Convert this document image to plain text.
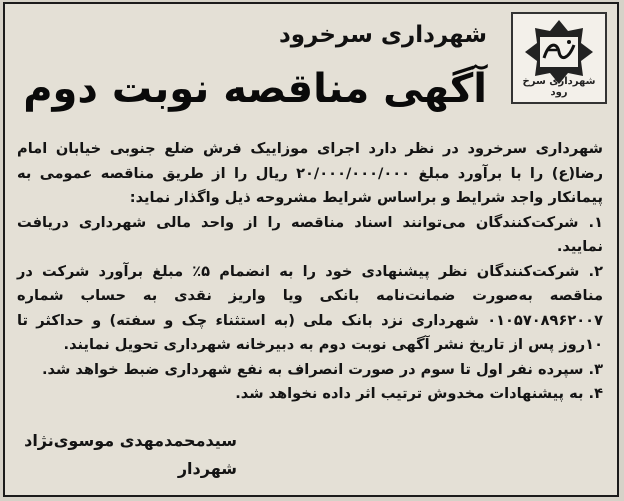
شهرداری سرخ رود
شهرداری سرخرود
آگهی مناقصه نوبت دوم

شهرداری سرخرود در نظر دارد اجرای موزاییک فرش ضلع جنوبی خیابان امام رضا(ع) را با برآورد مبلغ ۲۰/۰۰۰/۰۰۰/۰۰۰ ریال را از طریق مناقصه عمومی به پیمانکار واجد شرایط و براساس شرایط مشروحه ذیل واگذار نماید:

۱. شرکت‌کنندگان می‌توانند اسناد مناقصه را از واحد مالی شهرداری دریافت نمایید.

۲. شرکت‌کنندگان نظر پیشنهادی خود را به انضمام ۵٪ مبلغ برآورد شرکت در مناقصه به‌صورت ضمانت‌نامه بانکی ویا واریز نقدی به حساب شماره ۰۱۰۵۷۰۸۹۶۲۰۰۷ شهرداری نزد بانک ملی (به استثناء چک و سفته) و حداکثر تا ۱۰روز پس از تاریخ نشر آگهی نوبت دوم به دبیرخانه شهرداری تحویل نمایند.

۳. سپرده نفر اول تا سوم در صورت انصراف به نفع شهرداری ضبط خواهد شد.

۴. به پیشنهادات مخدوش ترتیب اثر داده نخواهد شد.

سیدمحمدمهدی موسوی‌نژاد
شهردار
